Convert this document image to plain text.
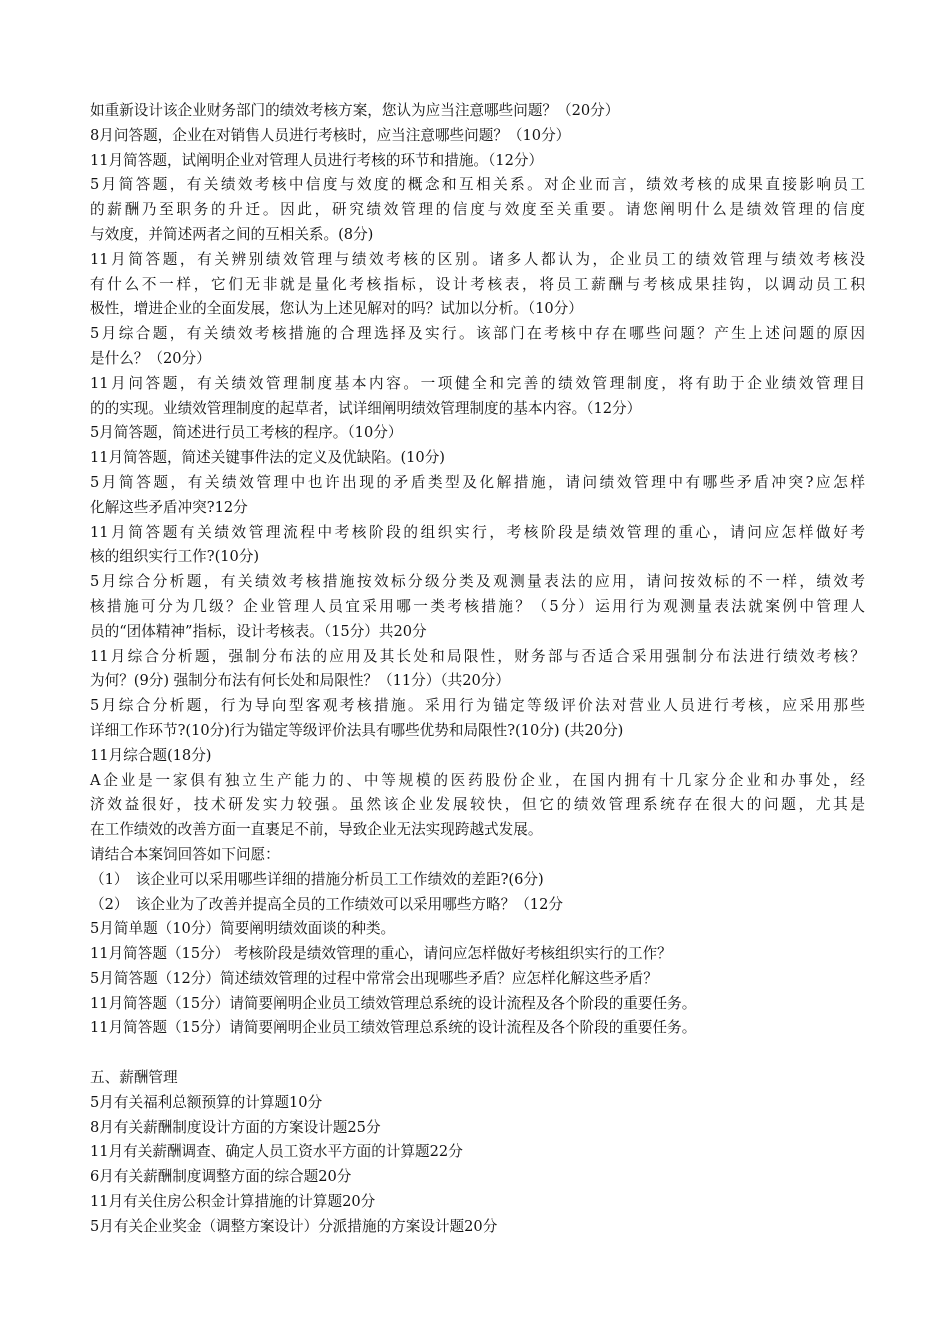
如重新设计该企业财务部门的绩效考核方案，您认为应当注意哪些问题？（20分）
8月问答题，企业在对销售人员进行考核时，应当注意哪些问题？（10分）
11月简答题，试阐明企业对管理人员进行考核的环节和措施。（12分）
5月简答题，有关绩效考核中信度与效度的概念和互相关系。对企业而言，绩效考核的成果直接影响员工
的薪酬乃至职务的升迁。因此，研究绩效管理的信度与效度至关重要。请您阐明什么是绩效管理的信度
与效度，并简述两者之间的互相关系。(8分)
11月简答题，有关辨别绩效管理与绩效考核的区别。诸多人都认为，企业员工的绩效管理与绩效考核没
有什么不一样，它们无非就是量化考核指标，设计考核表，将员工薪酬与考核成果挂钩，以调动员工积
极性，增进企业的全面发展，您认为上述见解对的吗？试加以分析。（10分）
5月综合题，有关绩效考核措施的合理选择及实行。该部门在考核中存在哪些问题？产生上述问题的原因
是什么？（20分）
11月问答题，有关绩效管理制度基本内容。一项健全和完善的绩效管理制度，将有助于企业绩效管理目
的的实现。业绩效管理制度的起草者，试详细阐明绩效管理制度的基本内容。（12分）
5月简答题，简述进行员工考核的程序。（10分）
11月简答题，简述关键事件法的定义及优缺陷。(10分)
5月简答题，有关绩效管理中也许出现的矛盾类型及化解措施，请问绩效管理中有哪些矛盾冲突?应怎样
化解这些矛盾冲突?12分
11月简答题有关绩效管理流程中考核阶段的组织实行，考核阶段是绩效管理的重心，请问应怎样做好考
核的组织实行工作?(10分)
5月综合分析题，有关绩效考核措施按效标分级分类及观测量表法的应用，请问按效标的不一样，绩效考
核措施可分为几级？企业管理人员宜采用哪一类考核措施？（5分）运用行为观测量表法就案例中管理人
员的“团体精神”指标，设计考核表。（15分）共20分
11月综合分析题，强制分布法的应用及其长处和局限性，财务部与否适合采用强制分布法进行绩效考核？
为何？(9分) 强制分布法有何长处和局限性？（11分）（共20分）
5月综合分析题，行为导向型客观考核措施。采用行为锚定等级评价法对营业人员进行考核，应采用那些
详细工作环节?(10分)行为锚定等级评价法具有哪些优势和局限性?(10分) (共20分)
11月综合题(18分)
A企业是一家俱有独立生产能力的、中等规模的医药股份企业，在国内拥有十几家分企业和办事处，经
济效益很好，技术研发实力较强。虽然该企业发展较快，但它的绩效管理系统存在很大的问题，尤其是
在工作绩效的改善方面一直裹足不前，导致企业无法实现跨越式发展。
请结合本案饲回答如下问愿：
（1）　该企业可以采用哪些详细的措施分析员工工作绩效的差距?(6分)
（2）　该企业为了改善并提高全员的工作绩效可以采用哪些方略？（12分
5月简单题（10分）简要阐明绩效面谈的种类。
11月简答题（15分） 考核阶段是绩效管理的重心，请问应怎样做好考核组织实行的工作？
5月简答题（12分）简述绩效管理的过程中常常会出现哪些矛盾？应怎样化解这些矛盾？
11月简答题（15分）请简要阐明企业员工绩效管理总系统的设计流程及各个阶段的重要任务。
11月简答题（15分）请简要阐明企业员工绩效管理总系统的设计流程及各个阶段的重要任务。
五、薪酬管理
5月有关福利总额预算的计算题10分
8月有关薪酬制度设计方面的方案设计题25分
11月有关薪酬调查、确定人员工资水平方面的计算题22分
6月有关薪酬制度调整方面的综合题20分
11月有关住房公积金计算措施的计算题20分
5月有关企业奖金（调整方案设计）分派措施的方案设计题20分
